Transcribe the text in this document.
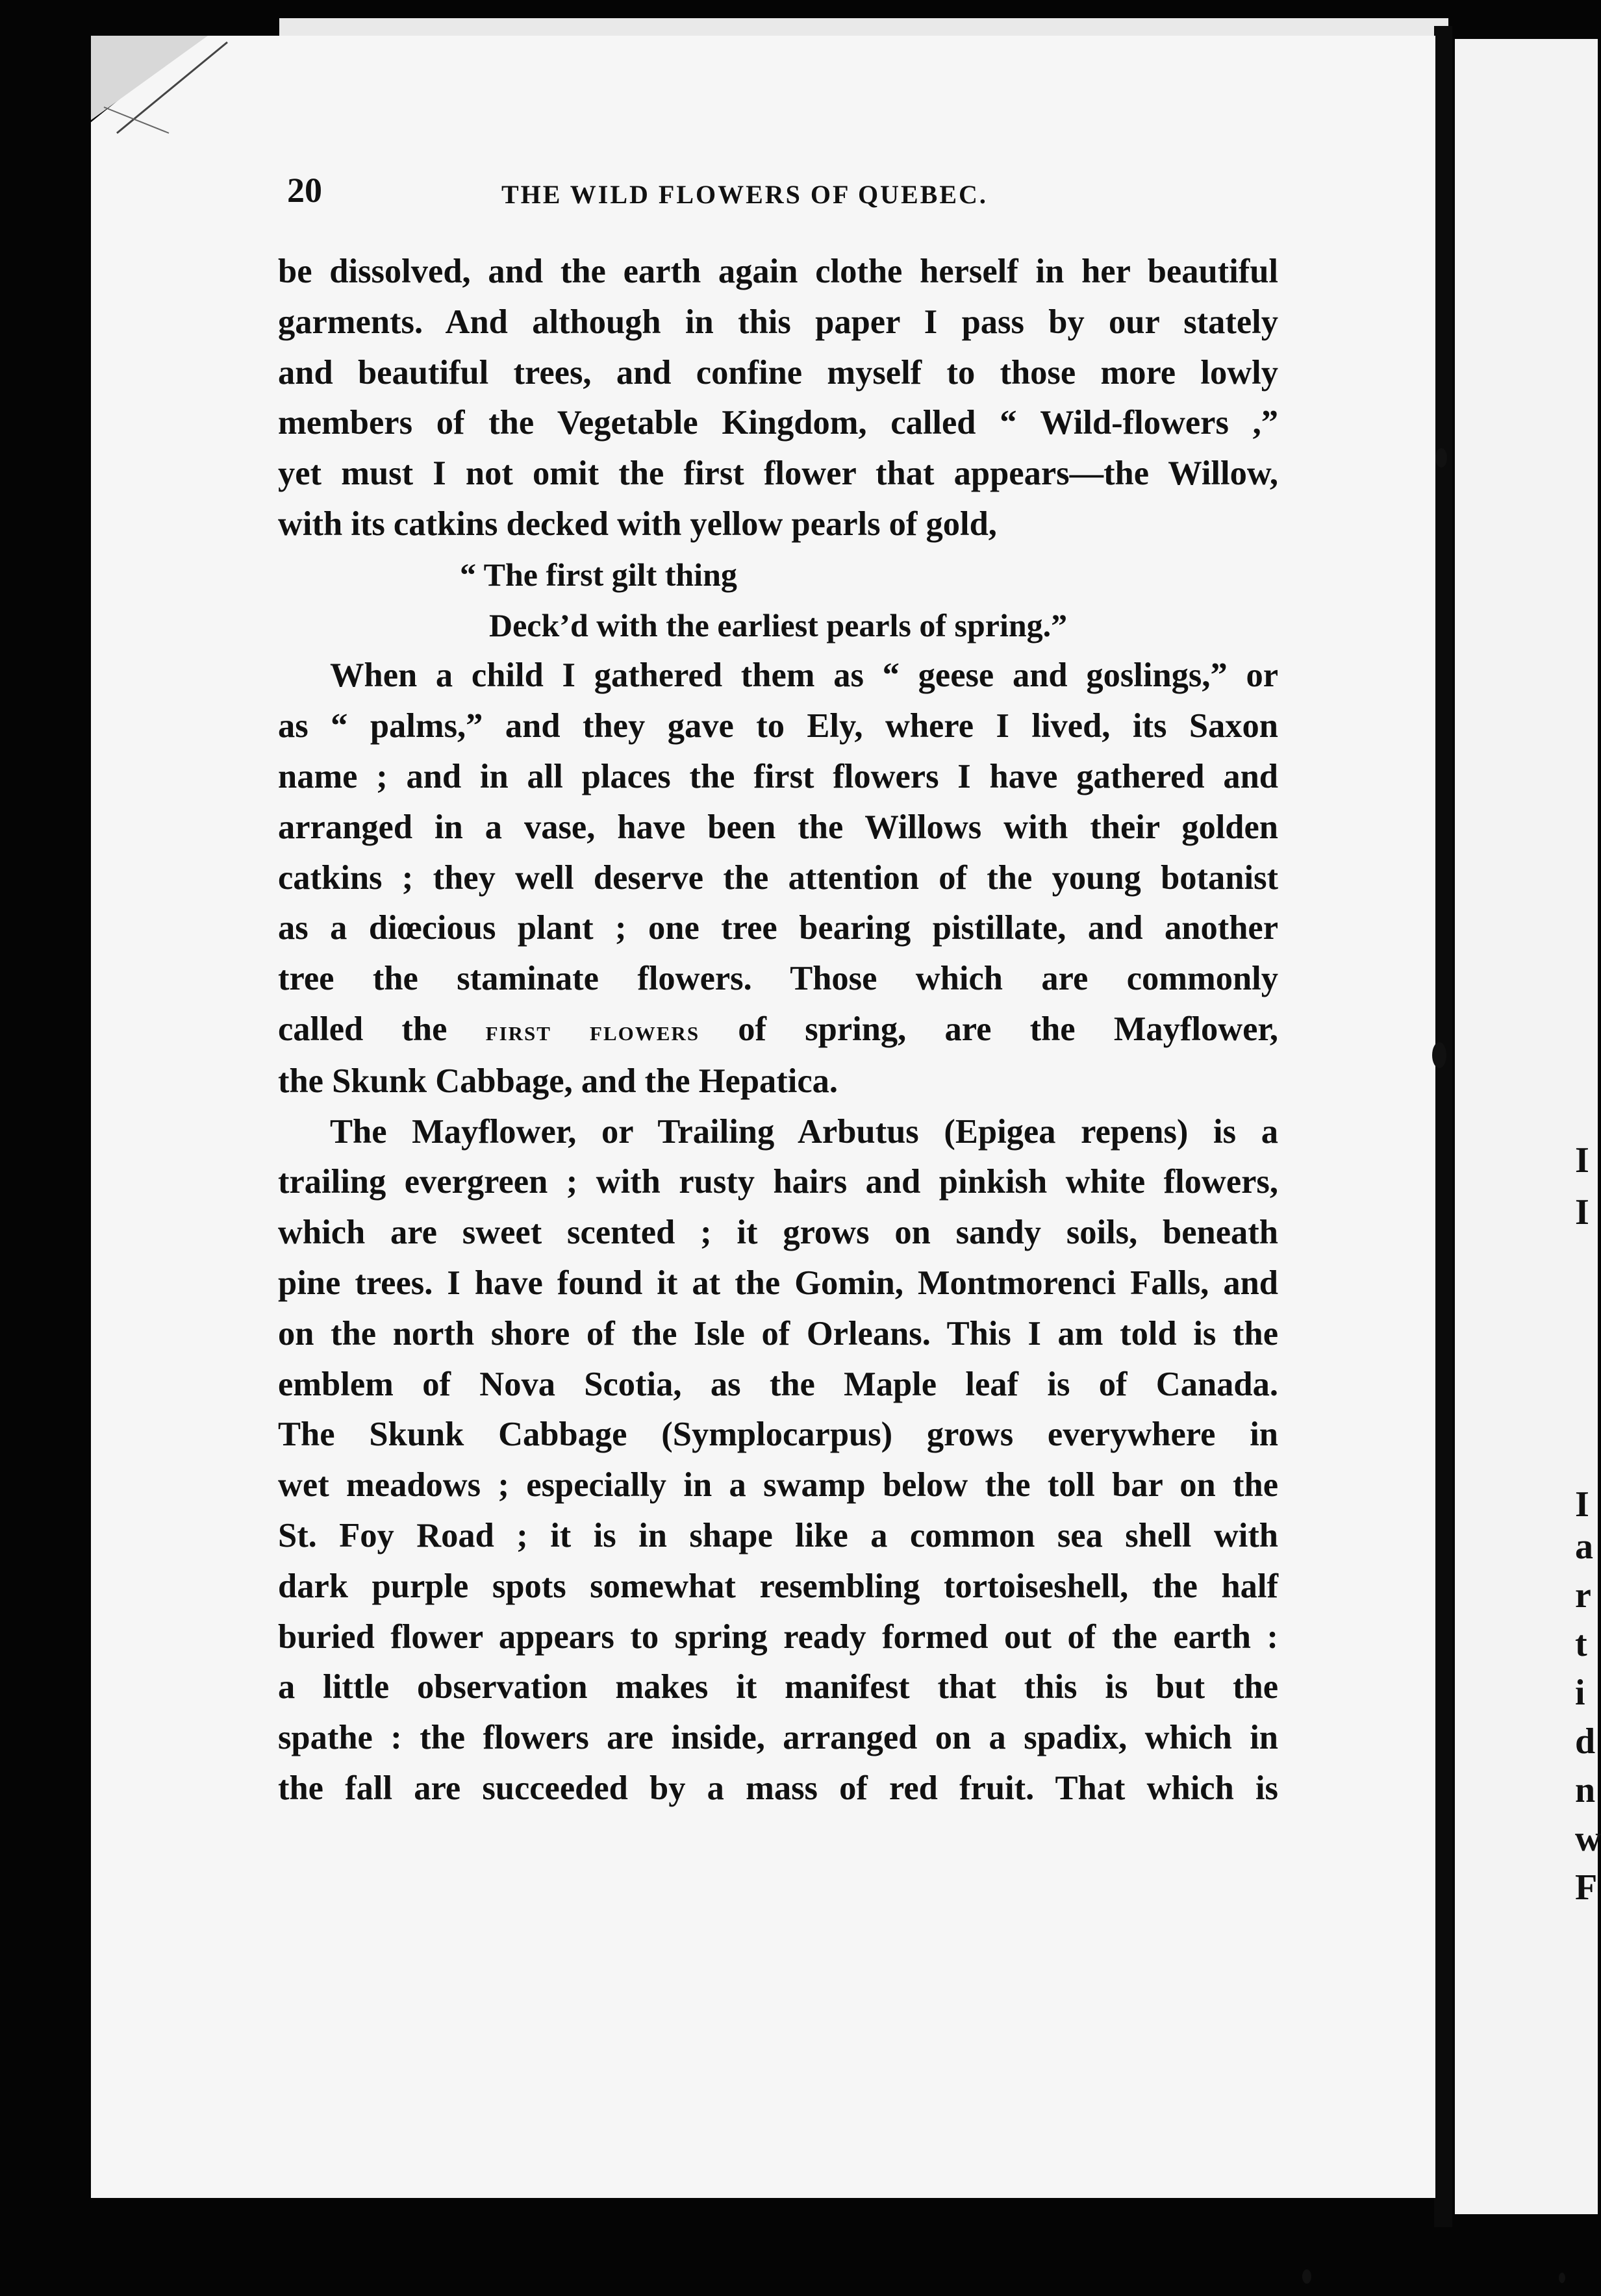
I
I
I
a
r
t
i
d
n
w
F
20	THE WILD FLOWERS OF QUEBEC.
be dissolved, and the earth again clothe herself in her beautiful
garments. And although in this paper I pass by our stately
and beautiful trees, and confine myself to those more lowly
members of the Vegetable Kingdom, called “ Wild-flowers ,”
yet must I not omit the first flower that appears—the Willow,
with its catkins decked with yellow pearls of gold,
“ The first gilt thing
Deck’d with the earliest pearls of spring.”
When a child I gathered them as “ geese and goslings,” or
as “ palms,” and they gave to Ely, where I lived, its Saxon
name ; and in all places the first flowers I have gathered and
arranged in a vase, have been the Willows with their golden
catkins ; they well deserve the attention of the young botanist
as a diœcious plant ; one tree bearing pistillate, and another
tree the staminate flowers. Those which are commonly
called the first flowers of spring, are the Mayflower,
the Skunk Cabbage, and the Hepatica.
The Mayflower, or Trailing Arbutus (Epigea repens) is a
trailing evergreen ; with rusty hairs and pinkish white flowers,
which are sweet scented ; it grows on sandy soils, beneath
pine trees. I have found it at the Gomin, Montmorenci Falls, and
on the north shore of the Isle of Orleans. This I am told is the
emblem of Nova Scotia, as the Maple leaf is of Canada.
The Skunk Cabbage (Symplocarpus) grows everywhere in
wet meadows ; especially in a swamp below the toll bar on the
St. Foy Road ; it is in shape like a common sea shell with
dark purple spots somewhat resembling tortoiseshell, the half
buried flower appears to spring ready formed out of the earth :
a little observation makes it manifest that this is but the
spathe : the flowers are inside, arranged on a spadix, which in
the fall are succeeded by a mass of red fruit. That which is
